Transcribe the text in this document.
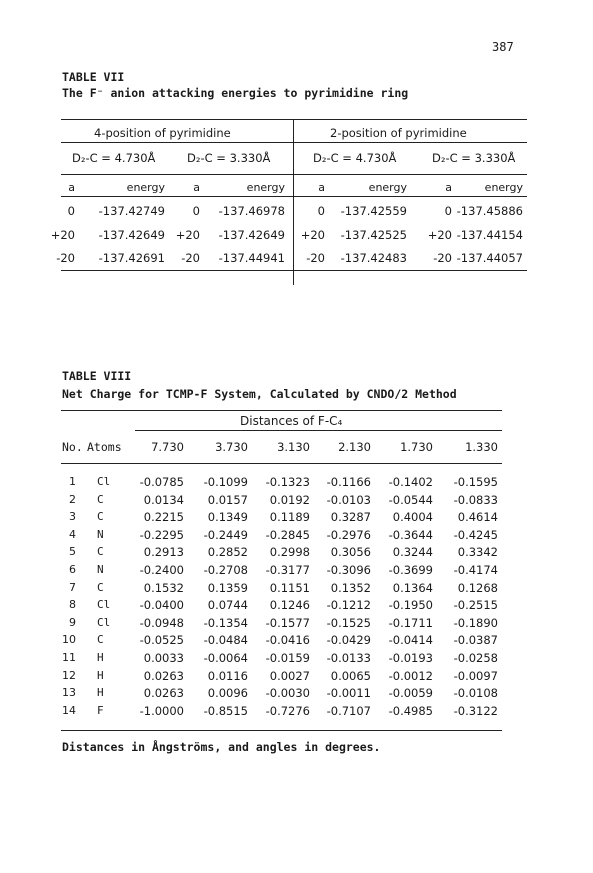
387
TABLE VII
The F⁻ anion attacking energies to pyrimidine ring
4-position of pyrimidine	2-position of pyrimidine
D₂-C = 4.730Å	D₂-C = 3.330Å	D₂-C = 4.730Å	D₂-C = 3.330Å
a	energy	a	energy	a	energy	a	energy
0	-137.42749	0	-137.46978	0	-137.42559	0 -137.45886
+20	-137.42649 +20	-137.42649	+20	-137.42525	+20 -137.44154
-20	-137.42691	-20	-137.44941	-20	-137.42483	-20 -137.44057
TABLE VIII
Net Charge for TCMP-F System, Calculated by CNDO/2 Method
Distances of F-C₄
No. Atoms	7.730	3.730	3.130	2.130	1.730	1.330
1 Cl	-0.0785	-0.1099	-0.1323	-0.1166	-0.1402	-0.1595
2 C	0.0134	0.0157	0.0192	-0.0103	-0.0544	-0.0833
3 C	0.2215	0.1349	0.1189	0.3287	0.4004	0.4614
4 N	-0.2295	-0.2449	-0.2845	-0.2976	-0.3644	-0.4245
5 C	0.2913	0.2852	0.2998	0.3056	0.3244	0.3342
6 N	-0.2400	-0.2708	-0.3177	-0.3096	-0.3699	-0.4174
7 C	0.1532	0.1359	0.1151	0.1352	0.1364	0.1268
8 Cl	-0.0400	0.0744	0.1246	-0.1212	-0.1950	-0.2515
9 Cl	-0.0948	-0.1354	-0.1577	-0.1525	-0.1711	-0.1890
10 C	-0.0525	-0.0484	-0.0416	-0.0429	-0.0414	-0.0387
11 H	0.0033	-0.0064	-0.0159	-0.0133	-0.0193	-0.0258
12 H	0.0263	0.0116	0.0027	0.0065	-0.0012	-0.0097
13 H	0.0263	0.0096	-0.0030	-0.0011	-0.0059	-0.0108
14 F	-1.0000	-0.8515	-0.7276	-0.7107	-0.4985	-0.3122
Distances in Ångströms, and angles in degrees.
